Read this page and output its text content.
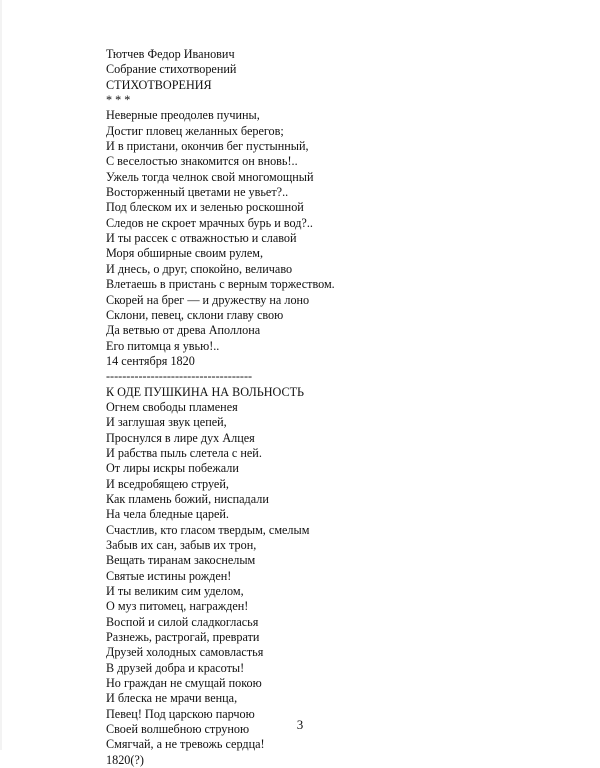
Тютчев Федор Иванович
Собрание стихотворений
СТИХОТВОРЕНИЯ
* * *
Неверные преодолев пучины,
Достиг пловец желанных берегов;
И в пристани, окончив бег пустынный,
С веселостью знакомится он вновь!..
Ужель тогда челнок свой многомощный
Восторженный цветами не увьет?..
Под блеском их и зеленью роскошной
Следов не скроет мрачных бурь и вод?..
И ты рассек с отважностью и славой
Моря обширные своим рулем,
И днесь, о друг, спокойно, величаво
Влетаешь в пристань с верным торжеством.
Скорей на брег — и дружеству на лоно
Склони, певец, склони главу свою
Да ветвью от древа Аполлона
Его питомца я увью!..
14 сентября 1820
------------------------------------
К ОДЕ ПУШКИНА НА ВОЛЬНОСТЬ
Огнем свободы пламенея
И заглушая звук цепей,
Проснулся в лире дух Алцея
И рабства пыль слетела с ней.
От лиры искры побежали
И вседробящею струей,
Как пламень божий, ниспадали
На чела бледные царей.
Счастлив, кто гласом твердым, смелым
Забыв их сан, забыв их трон,
Вещать тиранам закоснелым
Святые истины рожден!
И ты великим сим уделом,
О муз питомец, награжден!
Воспой и силой сладкогласья
Разнежь, растрогай, преврати
Друзей холодных самовластья
В друзей добра и красоты!
Но граждан не смущай покою
И блеска не мрачи венца,
Певец! Под царскою парчою
Своей волшебною струною
Смягчай, а не тревожь сердца!
1820(?)
3
